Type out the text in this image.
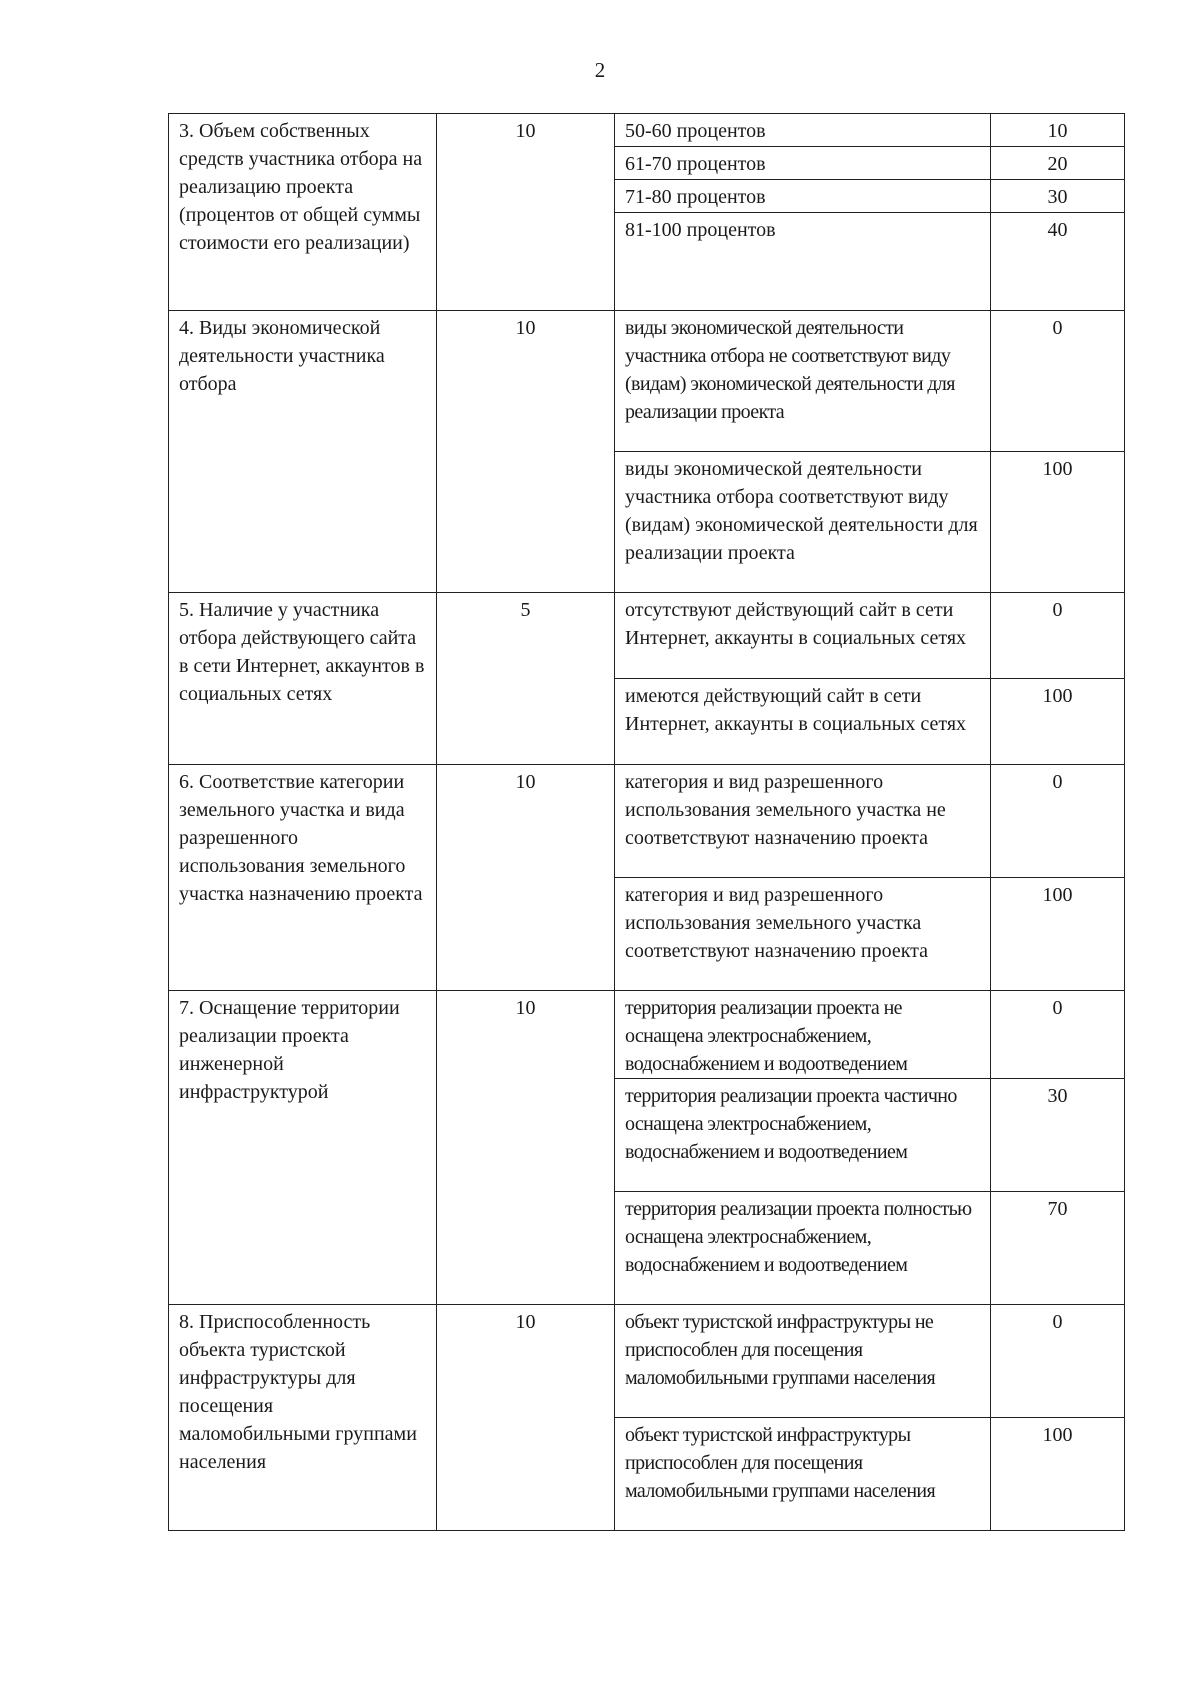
2
3. Объем собственных средств участника отбора на реализацию проекта (процентов от общей суммы стоимости его реализации)	10	50-60 процентов	10
		61-70 процентов	20
		71-80 процентов	30
		81-100 процентов	40
4. Виды экономической деятельности участника отбора	10	виды экономической деятельности участника отбора не соответствуют виду (видам) экономической деятельности для реализации проекта	0
		виды экономической деятельности участника отбора соответствуют виду (видам) экономической деятельности для реализации проекта	100
5. Наличие у участника отбора действующего сайта в сети Интернет, аккаунтов в социальных сетях	5	отсутствуют действующий сайт в сети Интернет, аккаунты в социальных сетях	0
		имеются действующий сайт в сети Интернет, аккаунты в социальных сетях	100
6. Соответствие категории земельного участка и вида разрешенного использования земельного участка назначению проекта	10	категория и вид разрешенного использования земельного участка не соответствуют назначению проекта	0
		категория и вид разрешенного использования земельного участка соответствуют назначению проекта	100
7. Оснащение территории реализации проекта инженерной инфраструктурой	10	территория реализации проекта не оснащена электроснабжением, водоснабжением и водоотведением	0
		территория реализации проекта частично оснащена электроснабжением, водоснабжением и водоотведением	30
		территория реализации проекта полностью оснащена электроснабжением, водоснабжением и водоотведением	70
8. Приспособленность объекта туристской инфраструктуры для посещения маломобильными группами населения	10	объект туристской инфраструктуры не приспособлен для посещения маломобильными группами населения	0
		объект туристской инфраструктуры приспособлен для посещения маломобильными группами населения	100
